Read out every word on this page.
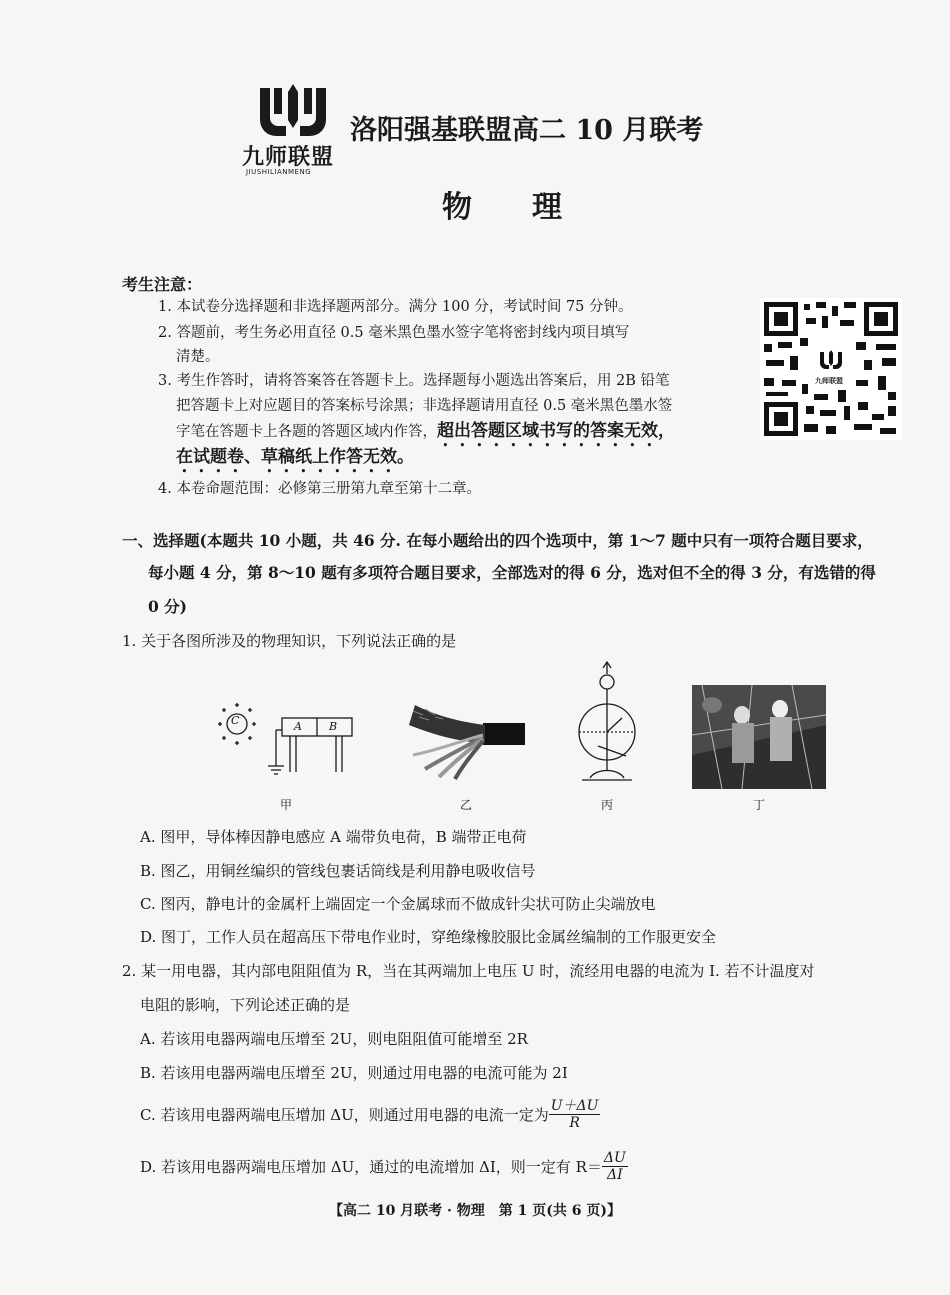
九师联盟
JIUSHILIANMENG
洛阳强基联盟高二 10 月联考
物理
考生注意：
1. 本试卷分选择题和非选择题两部分。满分 100 分，考试时间 75 分钟。
2. 答题前，考生务必用直径 0.5 毫米黑色墨水签字笔将密封线内项目填写
清楚。
3. 考生作答时，请将答案答在答题卡上。选择题每小题选出答案后，用 2B 铅笔
把答题卡上对应题目的答案标号涂黑；非选择题请用直径 0.5 毫米黑色墨水签
字笔在答题卡上各题的答题区域内作答，超出答题区域书写的答案无效，
在试题卷、草稿纸上作答无效。
4. 本卷命题范围：必修第三册第九章至第十二章。
九师联盟
一、选择题(本题共 10 小题，共 46 分. 在每小题给出的四个选项中，第 1～7 题中只有一项符合题目要求，
每小题 4 分，第 8～10 题有多项符合题目要求，全部选对的得 6 分，选对但不全的得 3 分，有选错的得
0 分)
1. 关于各图所涉及的物理知识，下列说法正确的是
C	A B
甲	乙	丙	丁
A. 图甲，导体棒因静电感应 A 端带负电荷，B 端带正电荷
B. 图乙，用铜丝编织的管线包裹话筒线是利用静电吸收信号
C. 图丙，静电计的金属杆上端固定一个金属球而不做成针尖状可防止尖端放电
D. 图丁，工作人员在超高压下带电作业时，穿绝缘橡胶服比金属丝编制的工作服更安全
2. 某一用电器，其内部电阻阻值为 R，当在其两端加上电压 U 时，流经用电器的电流为 I. 若不计温度对
电阻的影响，下列论述正确的是
A. 若该用电器两端电压增至 2U，则电阻阻值可能增至 2R
B. 若该用电器两端电压增至 2U，则通过用电器的电流可能为 2I
C. 若该用电器两端电压增加 ΔU，则通过用电器的电流一定为 $\frac{U+\Delta U}{R}$
D. 若该用电器两端电压增加 ΔU，通过的电流增加 ΔI，则一定有 $R= \frac{\Delta U}{\Delta I}$
【高二 10 月联考 · 物理　第 1 页(共 6 页)】
